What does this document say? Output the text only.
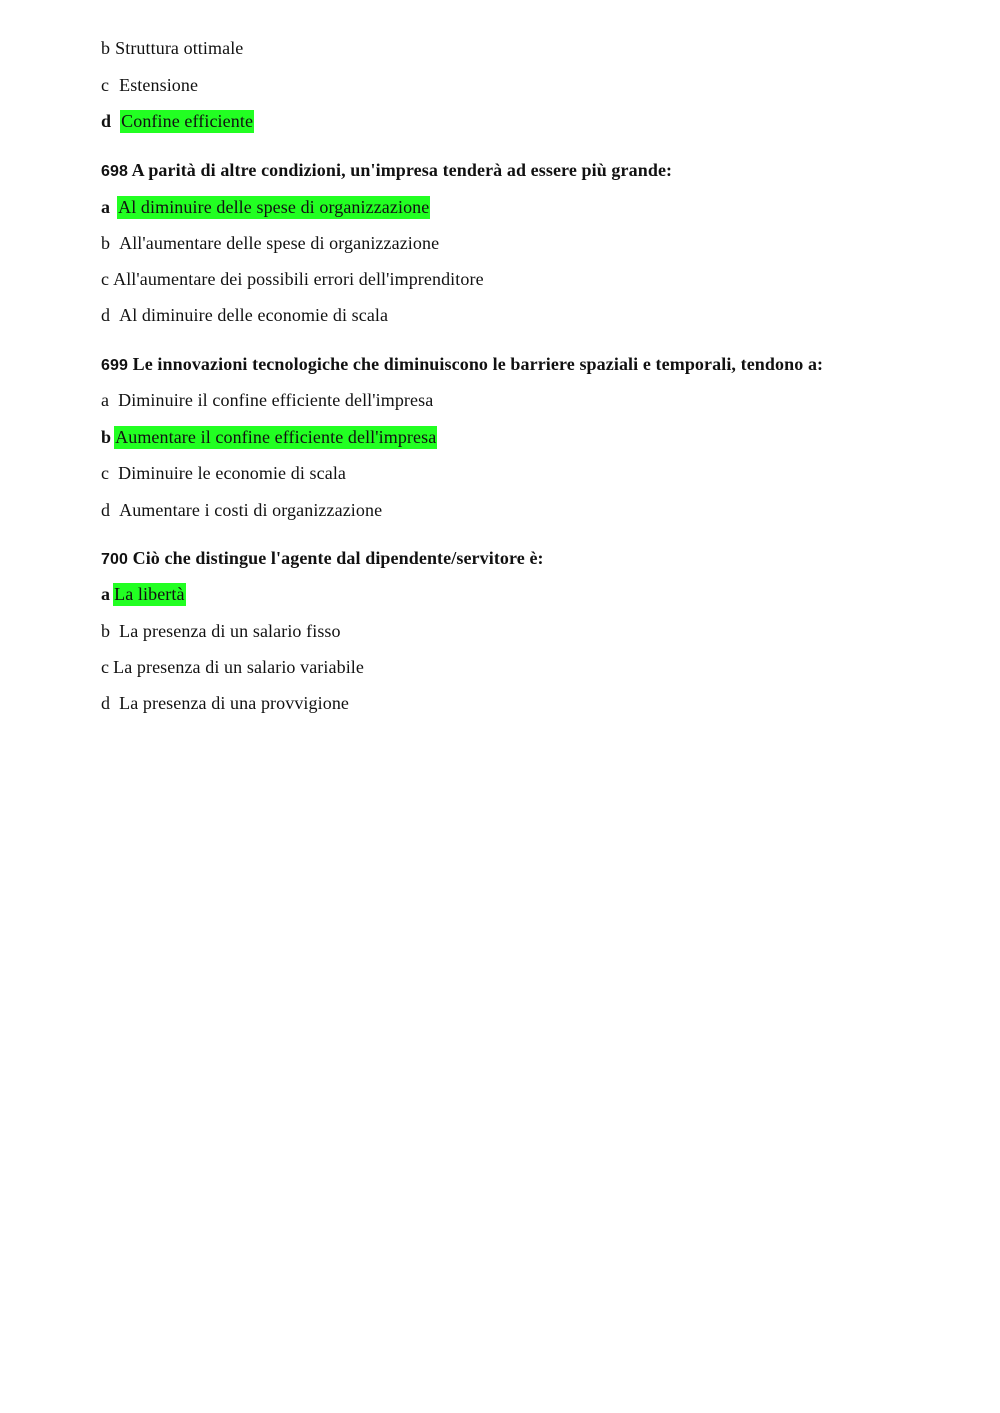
b Struttura ottimale
c Estensione
d Confine efficiente
698 A parità di altre condizioni, un'impresa tenderà ad essere più grande:
a Al diminuire delle spese di organizzazione
b All'aumentare delle spese di organizzazione
c All'aumentare dei possibili errori dell'imprenditore
d Al diminuire delle economie di scala
699 Le innovazioni tecnologiche che diminuiscono le barriere spaziali e temporali, tendono a:
a Diminuire il confine efficiente dell'impresa
b Aumentare il confine efficiente dell'impresa
c Diminuire le economie di scala
d Aumentare i costi di organizzazione
700 Ciò che distingue l'agente dal dipendente/servitore è:
a La libertà
b La presenza di un salario fisso
c La presenza di un salario variabile
d La presenza di una provvigione
